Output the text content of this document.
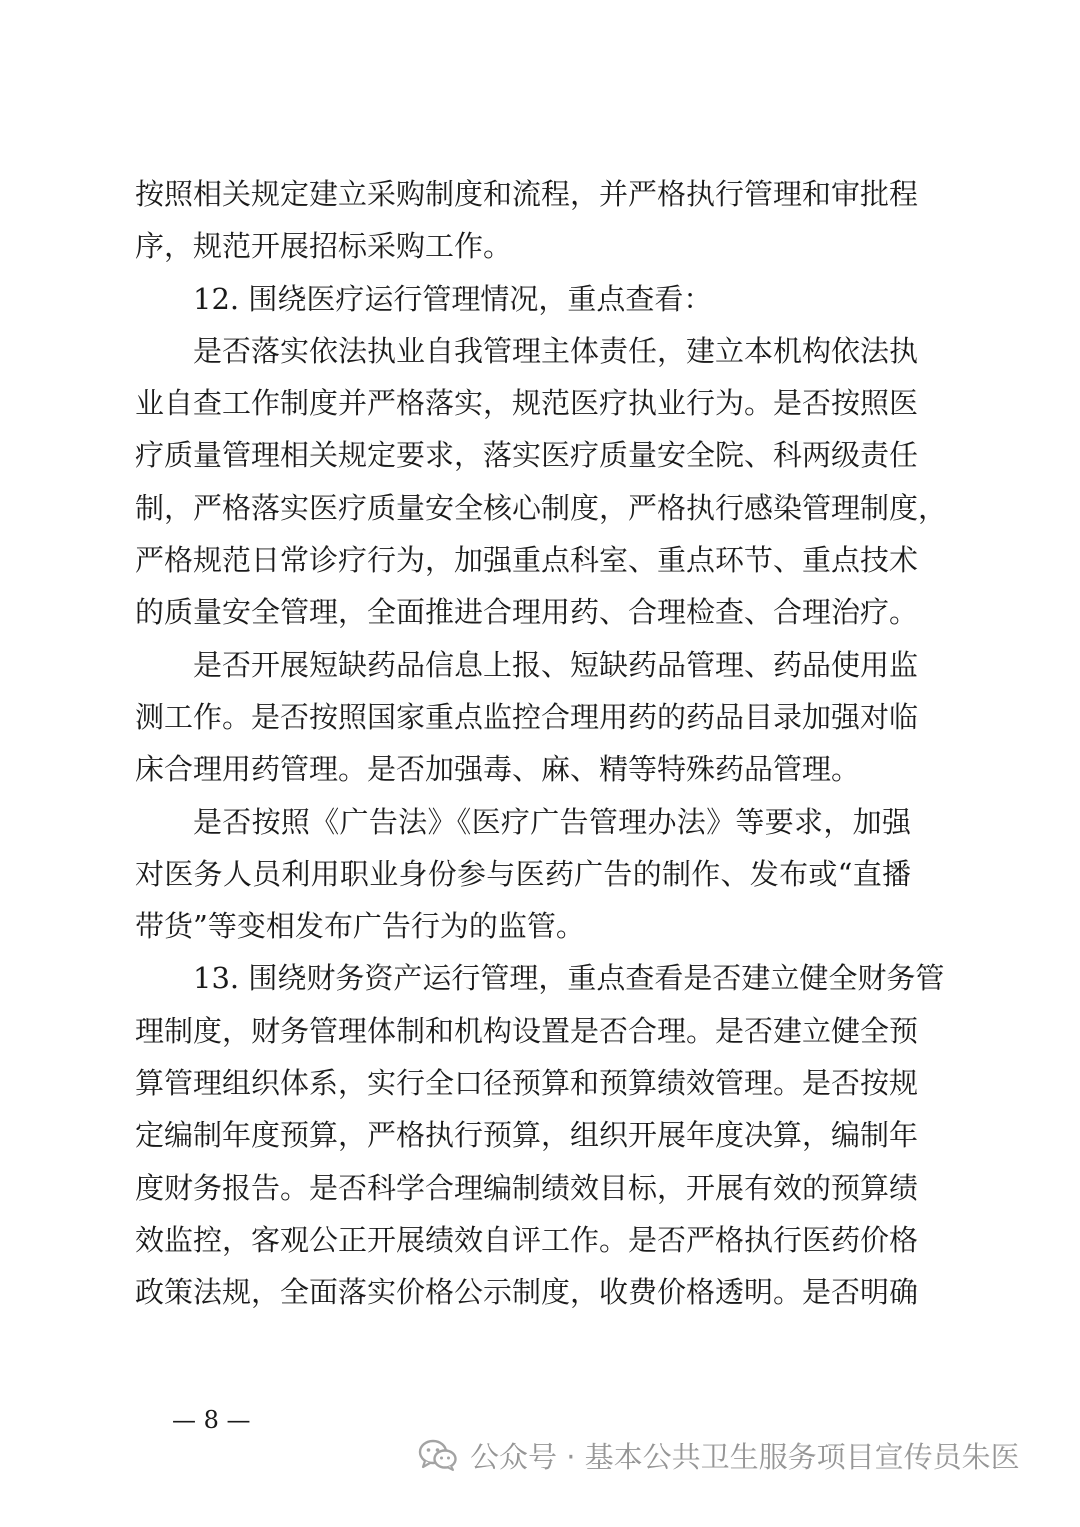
按照相关规定建立采购制度和流程，并严格执行管理和审批程
序，规范开展招标采购工作。
12. 围绕医疗运行管理情况，重点查看：
是否落实依法执业自我管理主体责任，建立本机构依法执
业自查工作制度并严格落实，规范医疗执业行为。是否按照医
疗质量管理相关规定要求，落实医疗质量安全院、科两级责任
制，严格落实医疗质量安全核心制度，严格执行感染管理制度，
严格规范日常诊疗行为，加强重点科室、重点环节、重点技术
的质量安全管理，全面推进合理用药、合理检查、合理治疗。
是否开展短缺药品信息上报、短缺药品管理、药品使用监
测工作。是否按照国家重点监控合理用药的药品目录加强对临
床合理用药管理。是否加强毒、麻、精等特殊药品管理。
是否按照《广告法》《医疗广告管理办法》等要求，加强
对医务人员利用职业身份参与医药广告的制作、发布或“直播
带货”等变相发布广告行为的监管。
13. 围绕财务资产运行管理，重点查看是否建立健全财务管
理制度，财务管理体制和机构设置是否合理。是否建立健全预
算管理组织体系，实行全口径预算和预算绩效管理。是否按规
定编制年度预算，严格执行预算，组织开展年度决算，编制年
度财务报告。是否科学合理编制绩效目标，开展有效的预算绩
效监控，客观公正开展绩效自评工作。是否严格执行医药价格
政策法规，全面落实价格公示制度，收费价格透明。是否明确
— 8 —
公众号 · 基本公共卫生服务项目宣传员朱医
